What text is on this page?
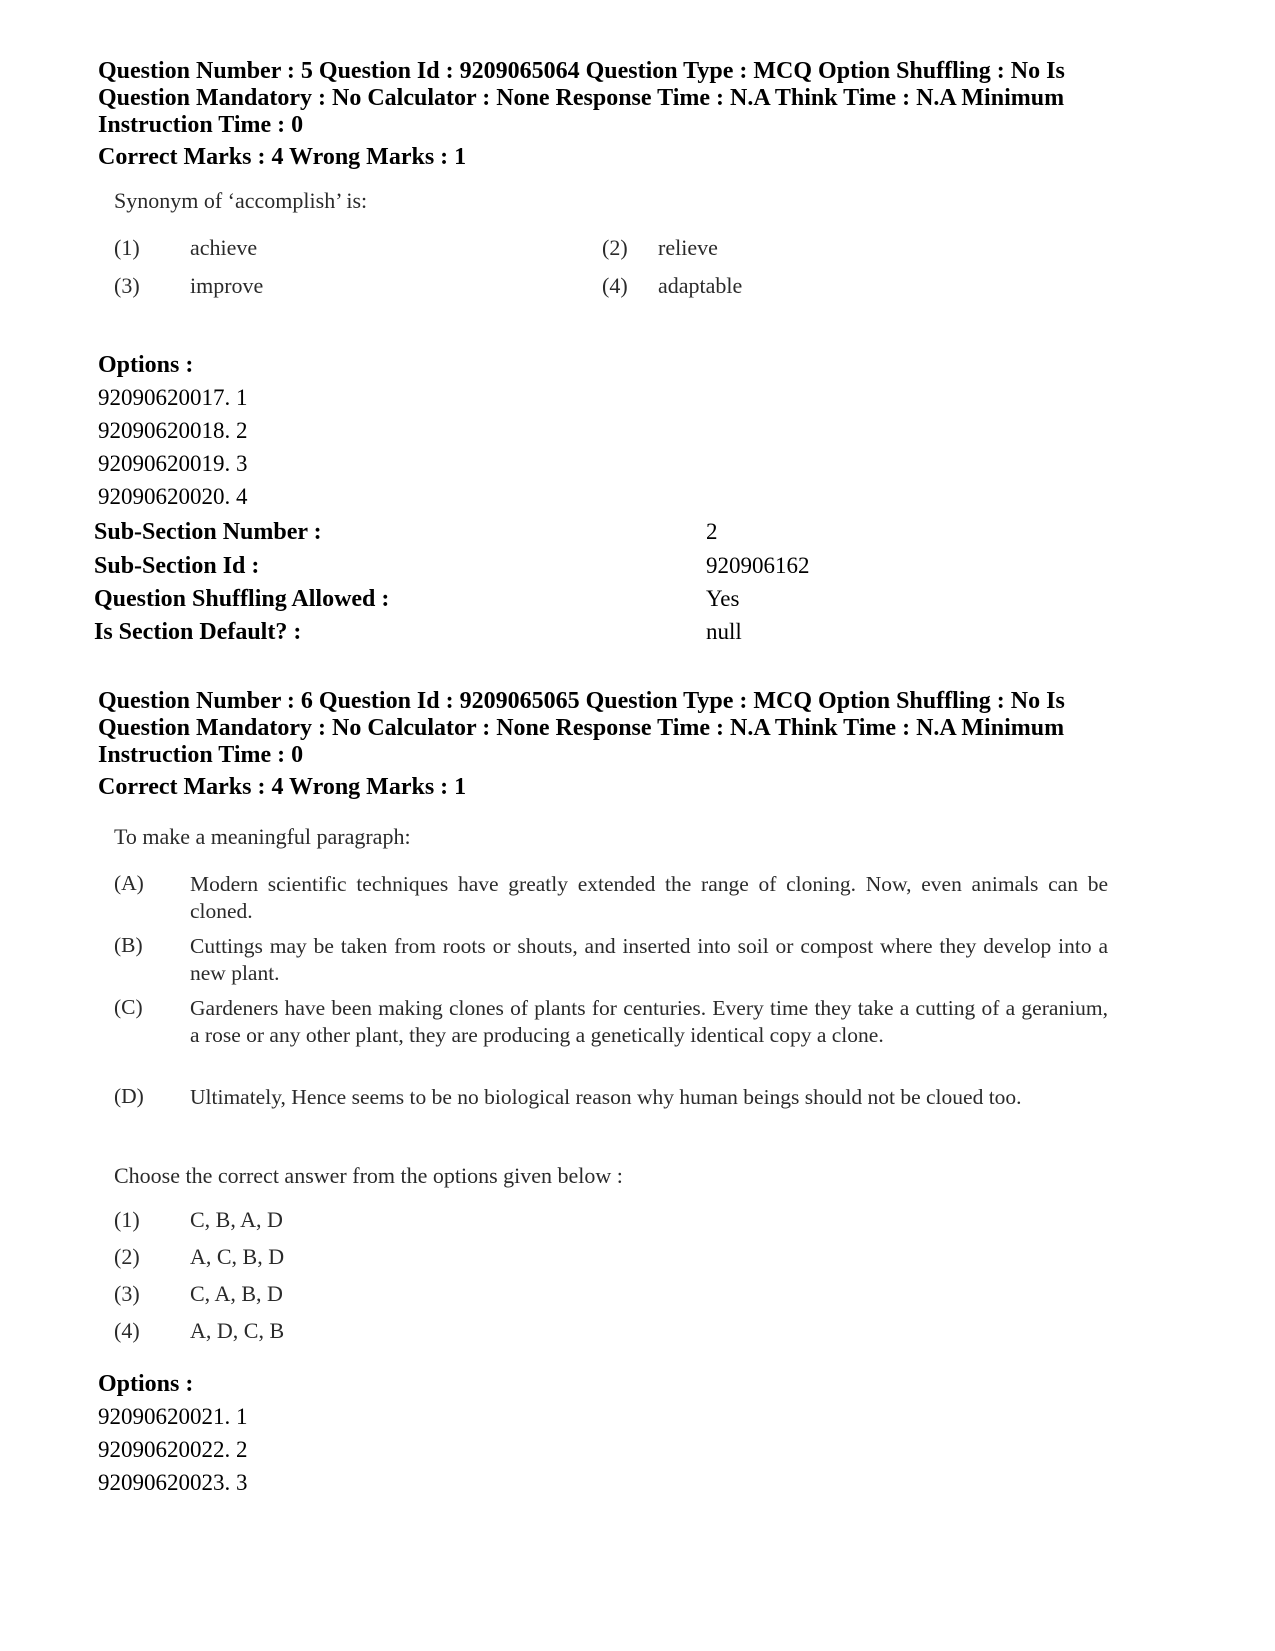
Question Number : 5 Question Id : 9209065064 Question Type : MCQ Option Shuffling : No Is Question Mandatory : No Calculator : None Response Time : N.A Think Time : N.A Minimum Instruction Time : 0
Correct Marks : 4 Wrong Marks : 1
Synonym of ‘accomplish’ is:
(1) achieve	(2) relieve
(3) improve	(4) adaptable
Options :
92090620017. 1
92090620018. 2
92090620019. 3
92090620020. 4
Sub-Section Number :	2
Sub-Section Id :	920906162
Question Shuffling Allowed :	Yes
Is Section Default? :	null
Question Number : 6 Question Id : 9209065065 Question Type : MCQ Option Shuffling : No Is Question Mandatory : No Calculator : None Response Time : N.A Think Time : N.A Minimum Instruction Time : 0
Correct Marks : 4 Wrong Marks : 1
To make a meaningful paragraph:
(A) Modern scientific techniques have greatly extended the range of cloning. Now, even animals can be cloned.
(B) Cuttings may be taken from roots or shouts, and inserted into soil or compost where they develop into a new plant.
(C) Gardeners have been making clones of plants for centuries. Every time they take a cutting of a geranium, a rose or any other plant, they are producing a genetically identical copy a clone.
(D) Ultimately, Hence seems to be no biological reason why human beings should not be cloued too.
Choose the correct answer from the options given below :
(1) C, B, A, D
(2) A, C, B, D
(3) C, A, B, D
(4) A, D, C, B
Options :
92090620021. 1
92090620022. 2
92090620023. 3
